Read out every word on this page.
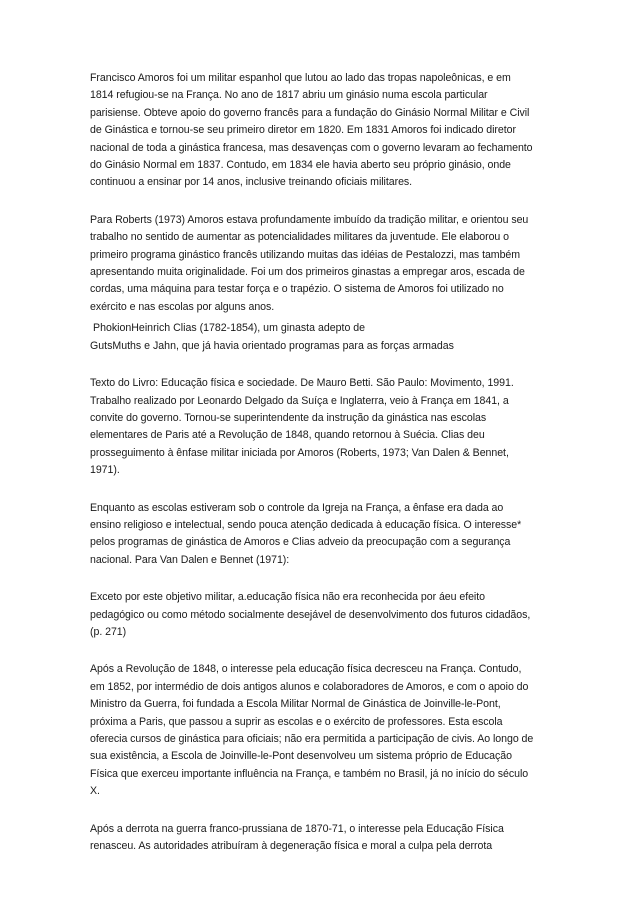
Francisco Amoros foi um militar espanhol que lutou ao lado das tropas napoleônicas, e em
1814 refugiou-se na França. No ano de 1817 abriu um ginásio numa escola particular
parisiense. Obteve apoio do governo francês para a fundação do Ginásio Normal Militar e Civil
de Ginástica e tornou-se seu primeiro diretor em 1820. Em 1831 Amoros foi indicado diretor
nacional de toda a ginástica francesa, mas desavenças com o governo levaram ao fechamento
do Ginásio Normal em 1837. Contudo, em 1834 ele havia aberto seu próprio ginásio, onde
continuou a ensinar por 14 anos, inclusive treinando oficiais militares.

Para Roberts (1973) Amoros estava profundamente imbuído da tradição militar, e orientou seu
trabalho no sentido de aumentar as potencialidades militares da juventude. Ele elaborou o
primeiro programa ginástico francês utilizando muitas das idéias de Pestalozzi, mas também
apresentando muita originalidade. Foi um dos primeiros ginastas a empregar aros, escada de
cordas, uma máquina para testar força e o trapézio. O sistema de Amoros foi utilizado no
exército e nas escolas por alguns anos.

PhokionHeinrich Clias (1782-1854), um ginasta adepto de
GutsMuths e Jahn, que já havia orientado programas para as forças armadas

Texto do Livro: Educação física e sociedade. De Mauro Betti. São Paulo: Movimento, 1991.
Trabalho realizado por Leonardo Delgado da Suíça e Inglaterra, veio à França em 1841, a
convite do governo. Tornou-se superintendente da instrução da ginástica nas escolas
elementares de Paris até a Revolução de 1848, quando retornou à Suécia. Clias deu
prosseguimento à ênfase militar iniciada por Amoros (Roberts, 1973; Van Dalen & Bennet,
1971).

Enquanto as escolas estiveram sob o controle da Igreja na França, a ênfase era dada ao
ensino religioso e intelectual, sendo pouca atenção dedicada à educação física. O interesse*
pelos programas de ginástica de Amoros e Clias adveio da preocupação com a segurança
nacional. Para Van Dalen e Bennet (1971):

Exceto por este objetivo militar, a.educação física não era reconhecida por áeu efeito
pedagógico ou como método socialmente desejável de desenvolvimento dos futuros cidadãos,
(p. 271)

Após a Revolução de 1848, o interesse pela educação física decresceu na França. Contudo,
em 1852, por intermédio de dois antigos alunos e colaboradores de Amoros, e com o apoio do
Ministro da Guerra, foi fundada a Escola Militar Normal de Ginástica de Joinville-le-Pont,
próxima a Paris, que passou a suprir as escolas e o exército de professores. Esta escola
oferecia cursos de ginástica para oficiais; não era permitida a participação de civis. Ao longo de
sua existência, a Escola de Joinville-le-Pont desenvolveu um sistema próprio de Educação
Física que exerceu importante influência na França, e também no Brasil, já no início do século
X.

Após a derrota na guerra franco-prussiana de 1870-71, o interesse pela Educação Física
renasceu. As autoridades atribuíram à degeneração física e moral a culpa pela derrota
